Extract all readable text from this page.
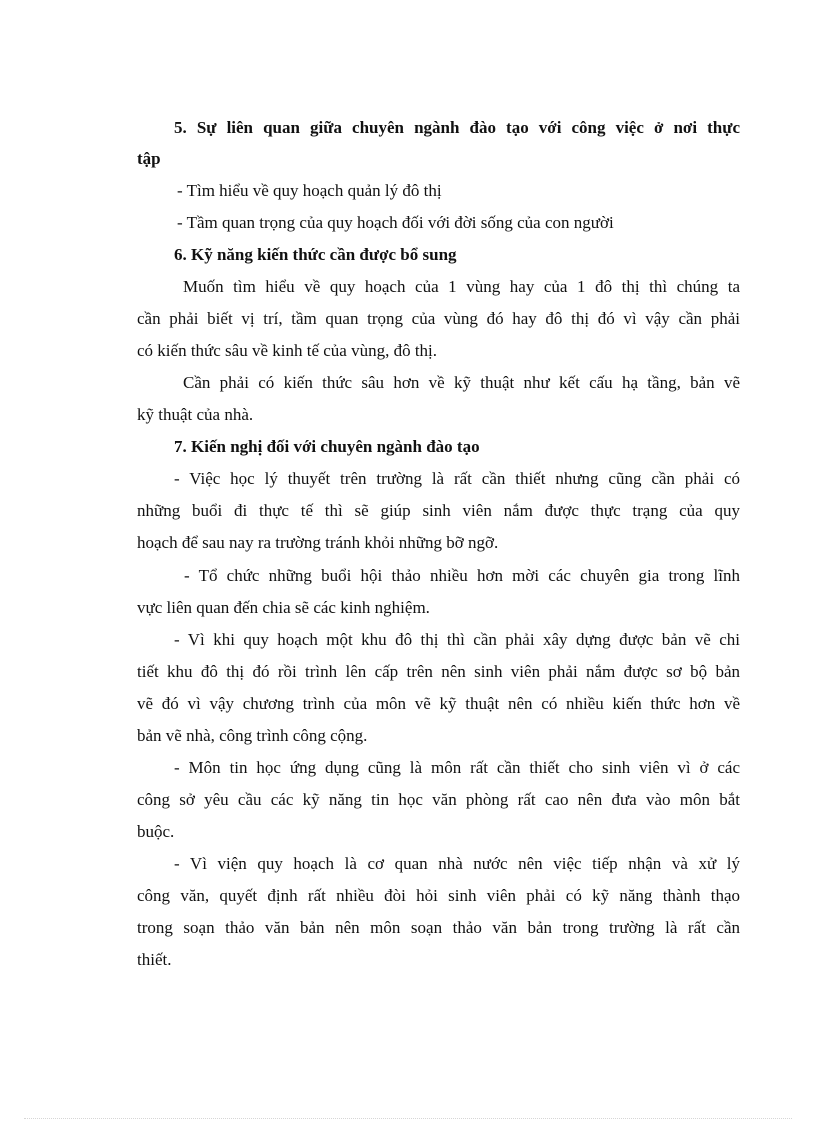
5. Sự liên quan giữa chuyên ngành đào tạo với công việc ở nơi thực
tập
- Tìm hiểu về quy hoạch quản lý đô thị
- Tầm quan trọng của quy hoạch đối với đời sống của con người
6. Kỹ năng kiến thức cần được bổ sung
Muốn tìm hiểu về quy hoạch của 1 vùng hay của 1 đô thị thì chúng ta
cần phải biết vị trí, tầm quan trọng của vùng đó hay đô thị đó vì vậy cần phải
có kiến thức sâu về kinh tế của vùng, đô thị.
Cần phải có kiến thức sâu hơn về kỹ thuật như kết cấu hạ tầng, bản vẽ
kỹ thuật của nhà.
7. Kiến nghị đối với chuyên ngành đào tạo
- Việc học lý thuyết trên trường là rất cần thiết nhưng cũng cần phải có
những buổi đi thực tế thì sẽ giúp sinh viên nắm được thực trạng của quy
hoạch để sau nay ra trường tránh khỏi những bỡ ngỡ.
- Tổ chức những buổi hội thảo nhiều hơn mời các chuyên gia trong lĩnh
vực liên quan đến chia sẽ các kinh nghiệm.
- Vì khi quy hoạch một khu đô thị thì cần phải xây dựng được bản vẽ chi
tiết khu đô thị đó rồi trình lên cấp trên nên sinh viên phải nắm được sơ bộ bản
vẽ đó vì vậy chương trình của môn vẽ kỹ thuật nên có nhiều kiến thức hơn về
bản vẽ nhà, công trình công cộng.
- Môn tin học ứng dụng cũng là môn rất cần thiết cho sinh viên vì ở các
công sở yêu cầu các kỹ năng tin học văn phòng rất cao nên đưa vào môn bắt
buộc.
- Vì viện quy hoạch là cơ quan nhà nước nên việc tiếp nhận và xử lý
công văn, quyết định rất nhiều đòi hỏi sinh viên phải có kỹ năng thành thạo
trong soạn thảo văn bản nên môn soạn thảo văn bản trong trường là rất cần
thiết.
